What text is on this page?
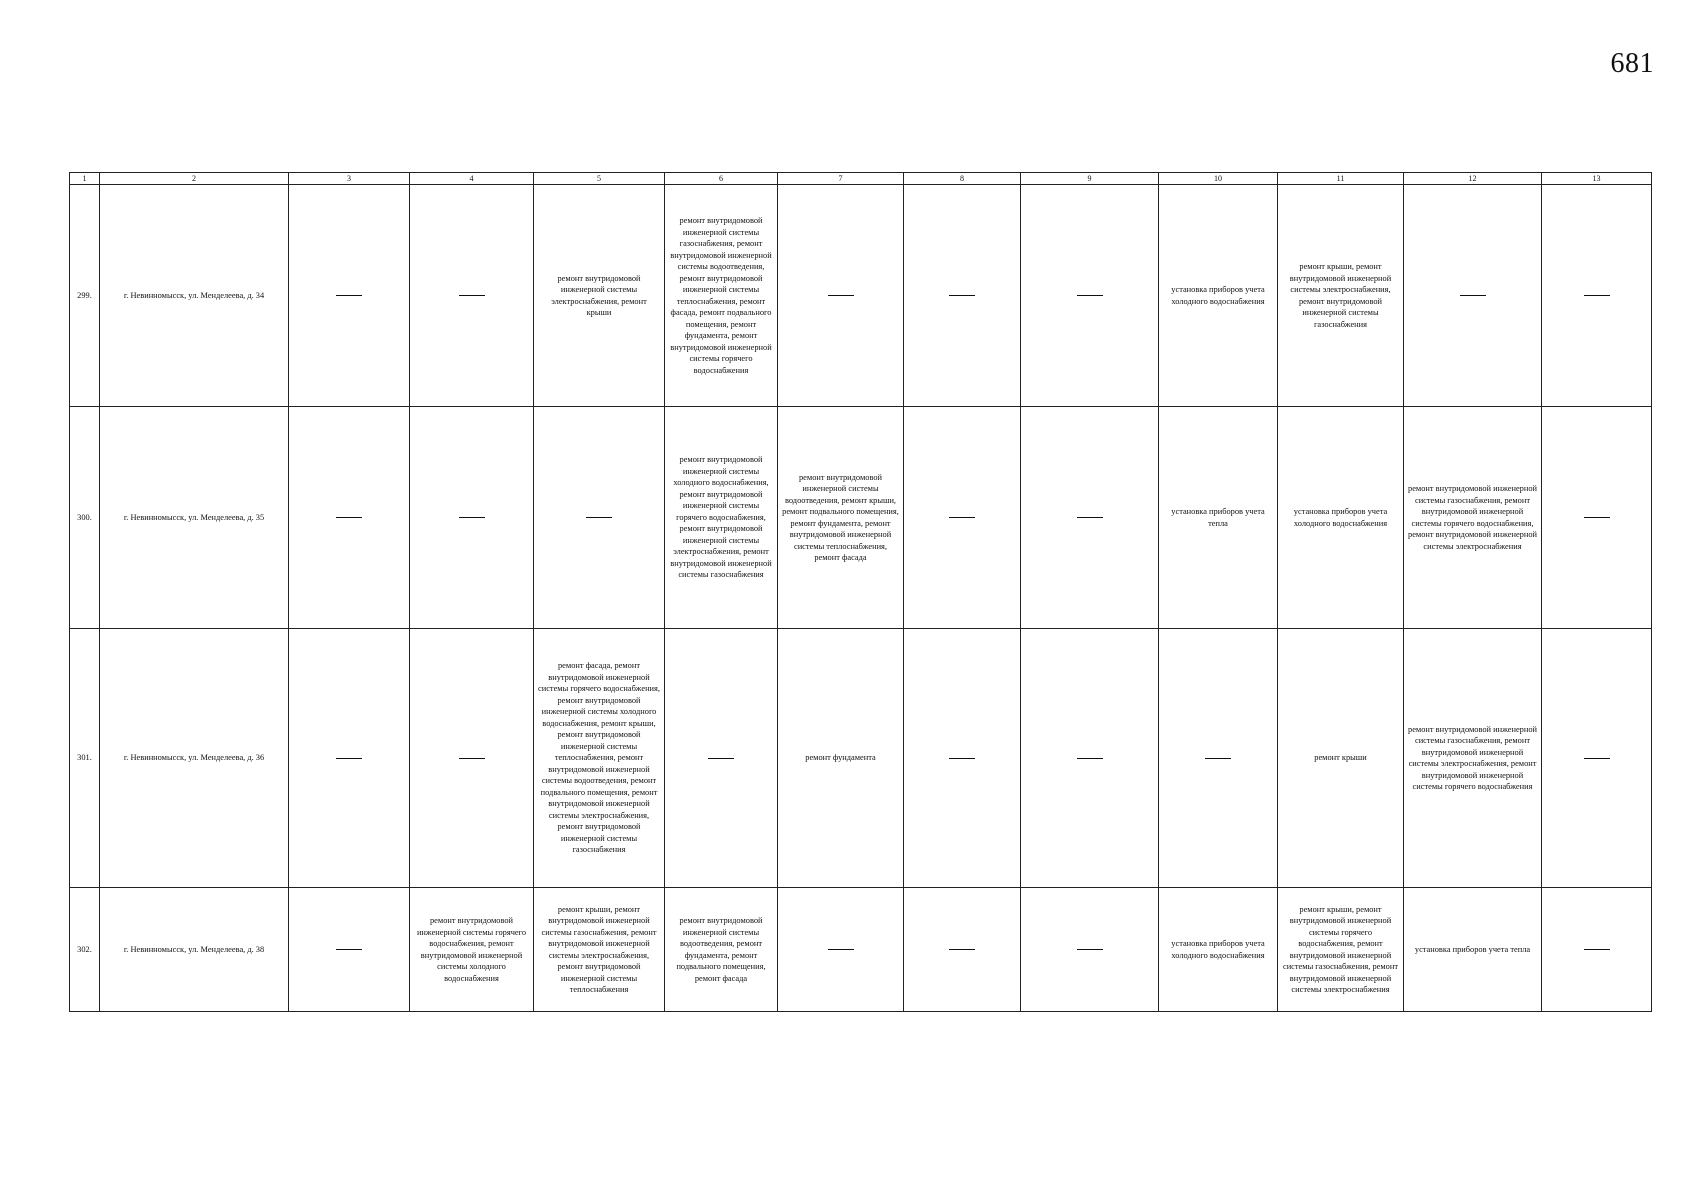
681
1	2	3	4	5	6	7	8	9	10	11	12	13
299.	г. Невинномысск, ул. Менделеева, д. 34			ремонт внутридомовой инженерной системы электроснабжения, ремонт крыши	ремонт внутридомовой инженерной системы газоснабжения, ремонт внутридомовой инженерной системы водоотведения, ремонт внутридомовой инженерной системы теплоснабжения, ремонт фасада, ремонт подвального помещения, ремонт фундамента, ремонт внутридомовой инженерной системы горячего водоснабжения				установка приборов учета холодного водоснабжения	ремонт крыши, ремонт внутридомовой инженерной системы электроснабжения, ремонт внутридомовой инженерной системы газоснабжения		
300.	г. Невинномысск, ул. Менделеева, д. 35				ремонт внутридомовой инженерной системы холодного водоснабжения, ремонт внутридомовой инженерной системы горячего водоснабжения, ремонт внутридомовой инженерной системы электроснабжения, ремонт внутридомовой инженерной системы газоснабжения	ремонт внутридомовой инженерной системы водоотведения, ремонт крыши, ремонт подвального помещения, ремонт фундамента, ремонт внутридомовой инженерной системы теплоснабжения, ремонт фасада			установка приборов учета тепла	установка приборов учета холодного водоснабжения	ремонт внутридомовой инженерной системы газоснабжения, ремонт внутридомовой инженерной системы горячего водоснабжения, ремонт внутридомовой инженерной системы электроснабжения	
301.	г. Невинномысск, ул. Менделеева, д. 36			ремонт фасада, ремонт внутридомовой инженерной системы горячего водоснабжения, ремонт внутридомовой инженерной системы холодного водоснабжения, ремонт крыши, ремонт внутридомовой инженерной системы теплоснабжения, ремонт внутридомовой инженерной системы водоотведения, ремонт подвального помещения, ремонт внутридомовой инженерной системы электроснабжения, ремонт внутридомовой инженерной системы газоснабжения		ремонт фундамента				ремонт крыши	ремонт внутридомовой инженерной системы газоснабжения, ремонт внутридомовой инженерной системы электроснабжения, ремонт внутридомовой инженерной системы горячего водоснабжения	
302.	г. Невинномысск, ул. Менделеева, д. 38		ремонт внутридомовой инженерной системы горячего водоснабжения, ремонт внутридомовой инженерной системы холодного водоснабжения	ремонт крыши, ремонт внутридомовой инженерной системы газоснабжения, ремонт внутридомовой инженерной системы электроснабжения, ремонт внутридомовой инженерной системы теплоснабжения	ремонт внутридомовой инженерной системы водоотведения, ремонт фундамента, ремонт подвального помещения, ремонт фасада				установка приборов учета холодного водоснабжения	ремонт крыши, ремонт внутридомовой инженерной системы горячего водоснабжения, ремонт внутридомовой инженерной системы газоснабжения, ремонт внутридомовой инженерной системы электроснабжения	установка приборов учета тепла	
